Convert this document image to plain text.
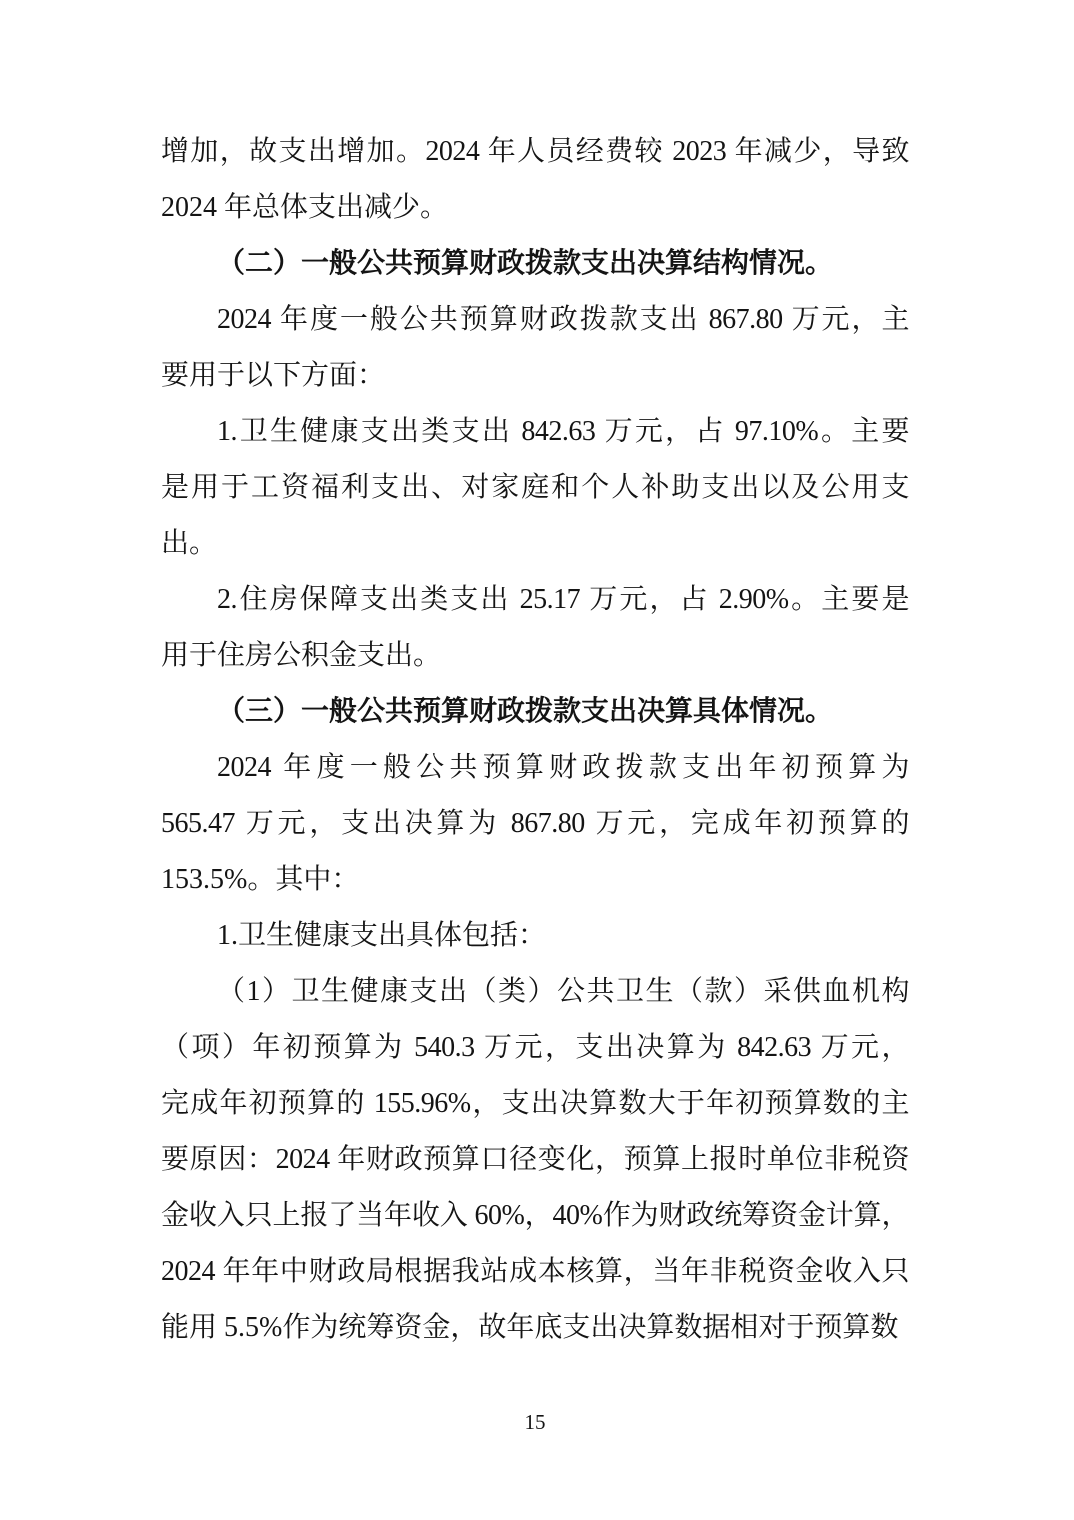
增加，故支出增加。2024 年人员经费较 2023 年减少，导致
2024 年总体支出减少。
（二）一般公共预算财政拨款支出决算结构情况。
2024 年度一般公共预算财政拨款支出 867.80 万元，主
要用于以下方面：
1.卫生健康支出类支出 842.63 万元，占 97.10%。主要
是用于工资福利支出、对家庭和个人补助支出以及公用支
出。
2.住房保障支出类支出 25.17 万元，占 2.90%。主要是
用于住房公积金支出。
（三）一般公共预算财政拨款支出决算具体情况。
2024 年度一般公共预算财政拨款支出年初预算为
565.47 万元，支出决算为 867.80 万元，完成年初预算的
153.5%。其中：
1.卫生健康支出具体包括：
（1）卫生健康支出（类）公共卫生（款）采供血机构
（项）年初预算为 540.3 万元，支出决算为 842.63 万元，
完成年初预算的 155.96%，支出决算数大于年初预算数的主
要原因：2024 年财政预算口径变化，预算上报时单位非税资
金收入只上报了当年收入 60%，40%作为财政统筹资金计算，
2024 年年中财政局根据我站成本核算，当年非税资金收入只
能用 5.5%作为统筹资金，故年底支出决算数据相对于预算数
15
